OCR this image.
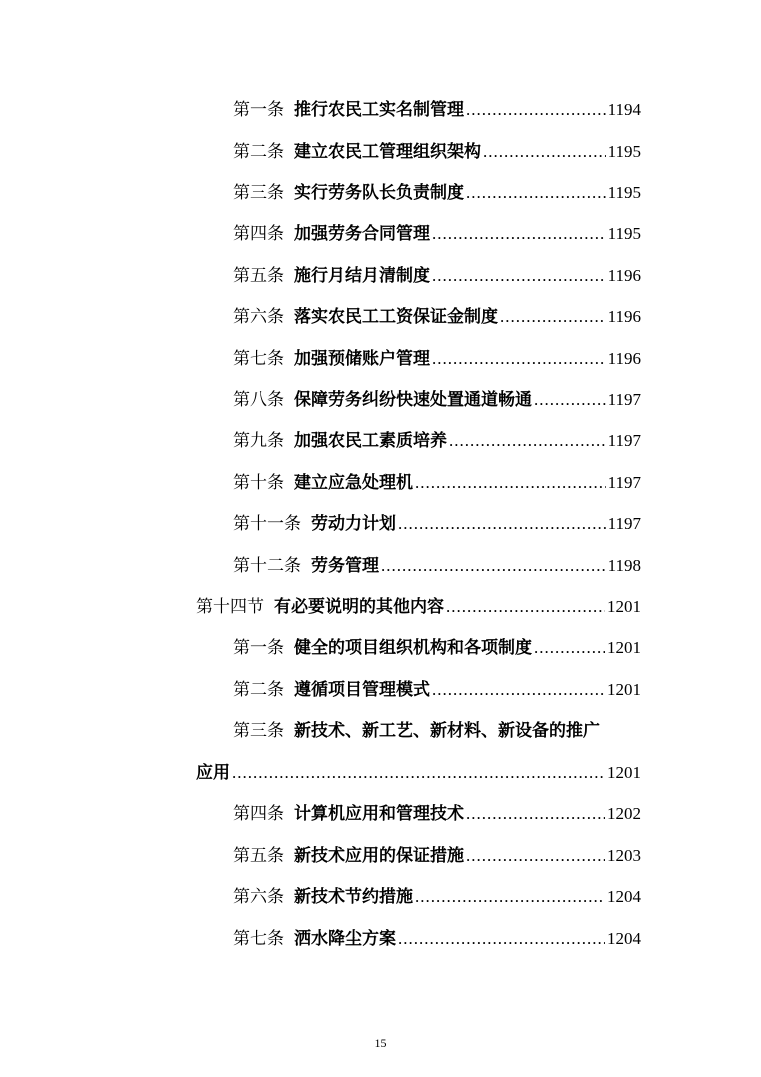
第一条 推行农民工实名制管理 .....	1194
第二条 建立农民工管理组织架构 .....	1195
第三条 实行劳务队长负责制度 .....	1195
第四条 加强劳务合同管理 .....	1195
第五条 施行月结月清制度 .....	1196
第六条 落实农民工工资保证金制度 .....	1196
第七条 加强预储账户管理 .....	1196
第八条 保障劳务纠纷快速处置通道畅通 .....	1197
第九条 加强农民工素质培养 .....	1197
第十条 建立应急处理机 .....	1197
第十一条 劳动力计划 .....	1197
第十二条 劳务管理 .....	1198
第十四节 有必要说明的其他内容 .....	1201
第一条 健全的项目组织机构和各项制度 .....	1201
第二条 遵循项目管理模式 .....	1201
第三条 新技术、新工艺、新材料、新设备的推广
应用 .....	1201
第四条 计算机应用和管理技术 .....	1202
第五条 新技术应用的保证措施 .....	1203
第六条 新技术节约措施 .....	1204
第七条 洒水降尘方案 .....	1204
15
